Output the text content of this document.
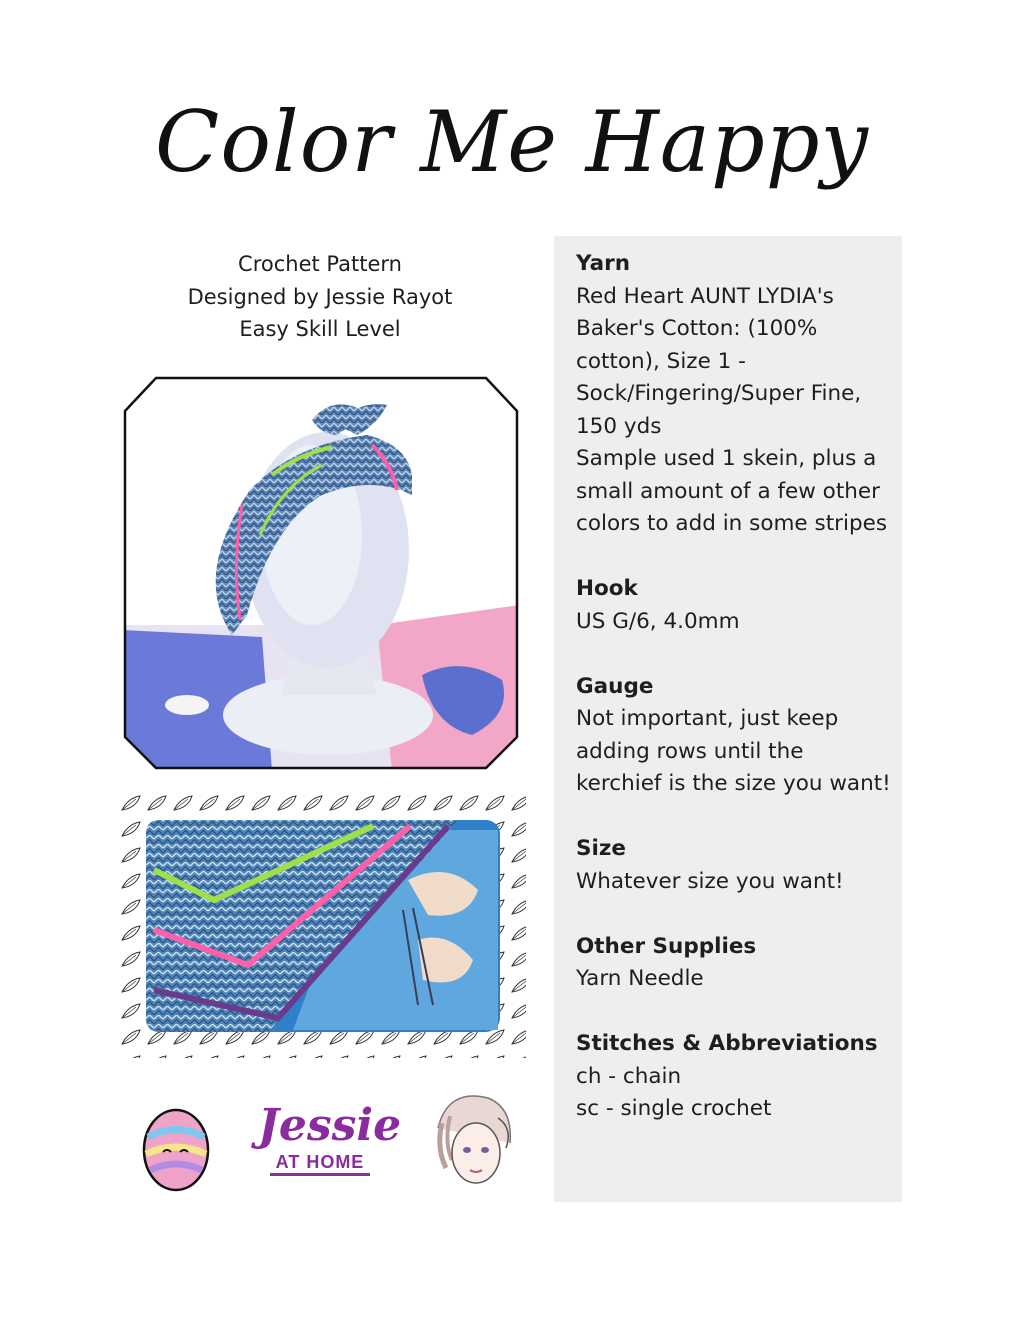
Color Me Happy
Crochet Pattern
Designed by Jessie Rayot
Easy Skill Level
Jessie
AT HOME
Yarn

Red Heart AUNT LYDIA's Baker's Cotton: (100% cotton), Size 1 - Sock/Fingering/Super Fine, 150 yds

Sample used 1 skein, plus a small amount of a few other colors to add in some stripes

Hook

US G/6, 4.0mm

Gauge

Not important, just keep adding rows until the kerchief is the size you want!

Size

Whatever size you want!

Other Supplies

Yarn Needle

Stitches & Abbreviations

ch - chain

sc - single crochet
